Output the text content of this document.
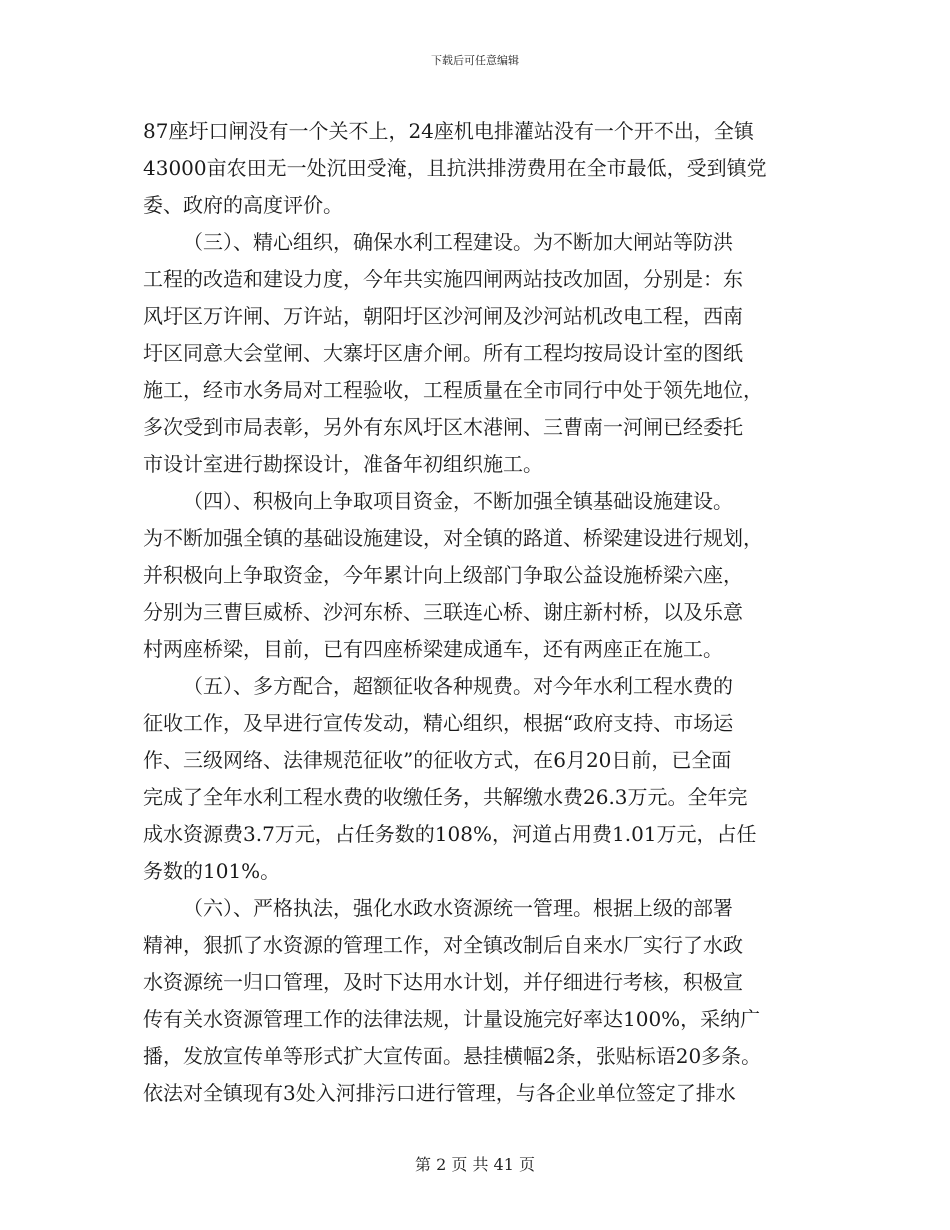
下载后可任意编辑
87座圩口闸没有一个关不上，24座机电排灌站没有一个开不出，全镇
43000亩农田无一处沉田受淹，且抗洪排涝费用在全市最低，受到镇党
委、政府的高度评价。
（三）、精心组织，确保水利工程建设。为不断加大闸站等防洪
工程的改造和建设力度，今年共实施四闸两站技改加固，分别是：东
风圩区万许闸、万许站，朝阳圩区沙河闸及沙河站机改电工程，西南
圩区同意大会堂闸、大寨圩区唐介闸。所有工程均按局设计室的图纸
施工，经市水务局对工程验收，工程质量在全市同行中处于领先地位，
多次受到市局表彰，另外有东风圩区木港闸、三曹南一河闸已经委托
市设计室进行勘探设计，准备年初组织施工。
（四）、积极向上争取项目资金，不断加强全镇基础设施建设。
为不断加强全镇的基础设施建设，对全镇的路道、桥梁建设进行规划，
并积极向上争取资金，今年累计向上级部门争取公益设施桥梁六座，
分别为三曹巨威桥、沙河东桥、三联连心桥、谢庄新村桥，以及乐意
村两座桥梁，目前，已有四座桥梁建成通车，还有两座正在施工。
（五）、多方配合，超额征收各种规费。对今年水利工程水费的
征收工作，及早进行宣传发动，精心组织，根据“政府支持、市场运
作、三级网络、法律规范征收”的征收方式，在6月20日前，已全面
完成了全年水利工程水费的收缴任务，共解缴水费26.3万元。全年完
成水资源费3.7万元，占任务数的108%，河道占用费1.01万元，占任
务数的101%。
（六）、严格执法，强化水政水资源统一管理。根据上级的部署
精神，狠抓了水资源的管理工作，对全镇改制后自来水厂实行了水政
水资源统一归口管理，及时下达用水计划，并仔细进行考核，积极宣
传有关水资源管理工作的法律法规，计量设施完好率达100%，采纳广
播，发放宣传单等形式扩大宣传面。悬挂横幅2条，张贴标语20多条。
依法对全镇现有3处入河排污口进行管理，与各企业单位签定了排水
第 2 页 共 41 页
